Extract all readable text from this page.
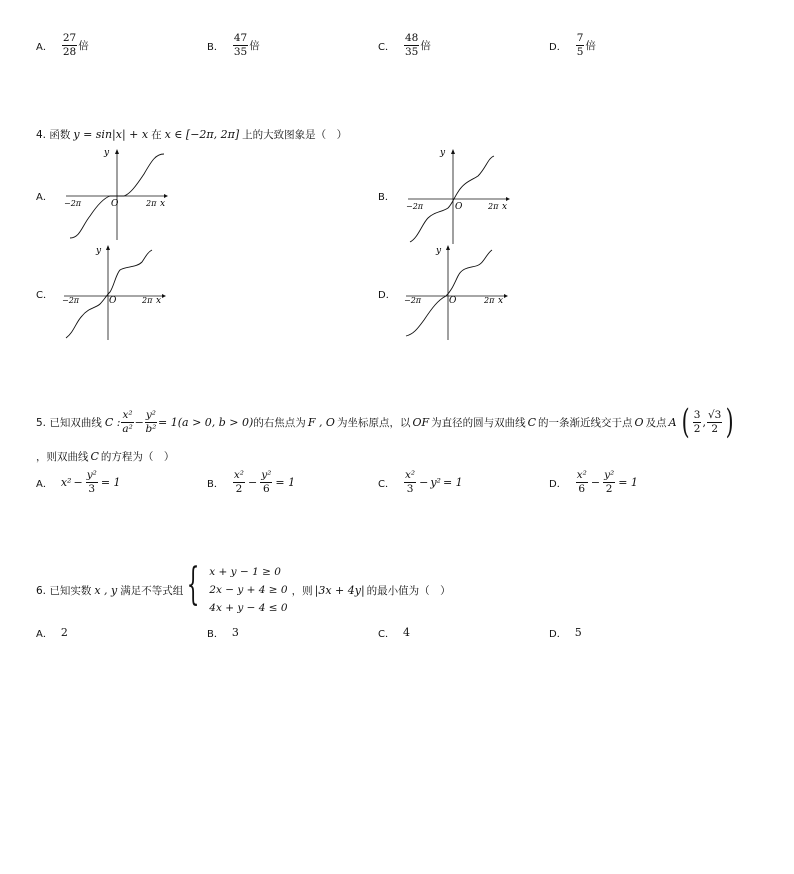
A． $\frac{27}{28}$ 倍	B． $\frac{47}{35}$ 倍	C． $\frac{48}{35}$ 倍	D． $\frac{7}{5}$ 倍
4. 函数 y = sin|x| + x 在 x ∈ [−2π, 2π] 上的大致图象是（　）
A．	B．
C．	D．
y
x
O
−2π	2π
y
x
O
−2π	2π
y
x
O
−2π	2π
y
x
O
−2π	2π
5. 已知双曲线 C : $\frac{\text{x²}}{\text{a²}} - \frac{\text{y²}}{\text{b²}} = 1$ (a > 0, b > 0) 的右焦点为 F , O 为坐标原点，以 OF 为直径的圆与双曲线 C 的一条渐近线交于点 O 及点 A ( $\frac{3}{2}$ , $\frac{√3}{2}$ )
，则双曲线 C 的方程为（　）
A． $x^2 - \frac{\text{y²}}{3} = 1$	B． $\frac{\text{x²}}{2} - \frac{\text{y²}}{6} = 1$	C． $\frac{\text{x²}}{3} - y^2 = 1$	D． $\frac{\text{x²}}{6} - \frac{\text{y²}}{2} = 1$
6. 已知实数 x , y 满足不等式组 { x + y − 1 ≥ 0
2x − y + 4 ≥ 0
4x + y − 4 ≤ 0
，则 |3x + 4y| 的最小值为（　）
A． 2	B． 3	C． 4	D． 5
